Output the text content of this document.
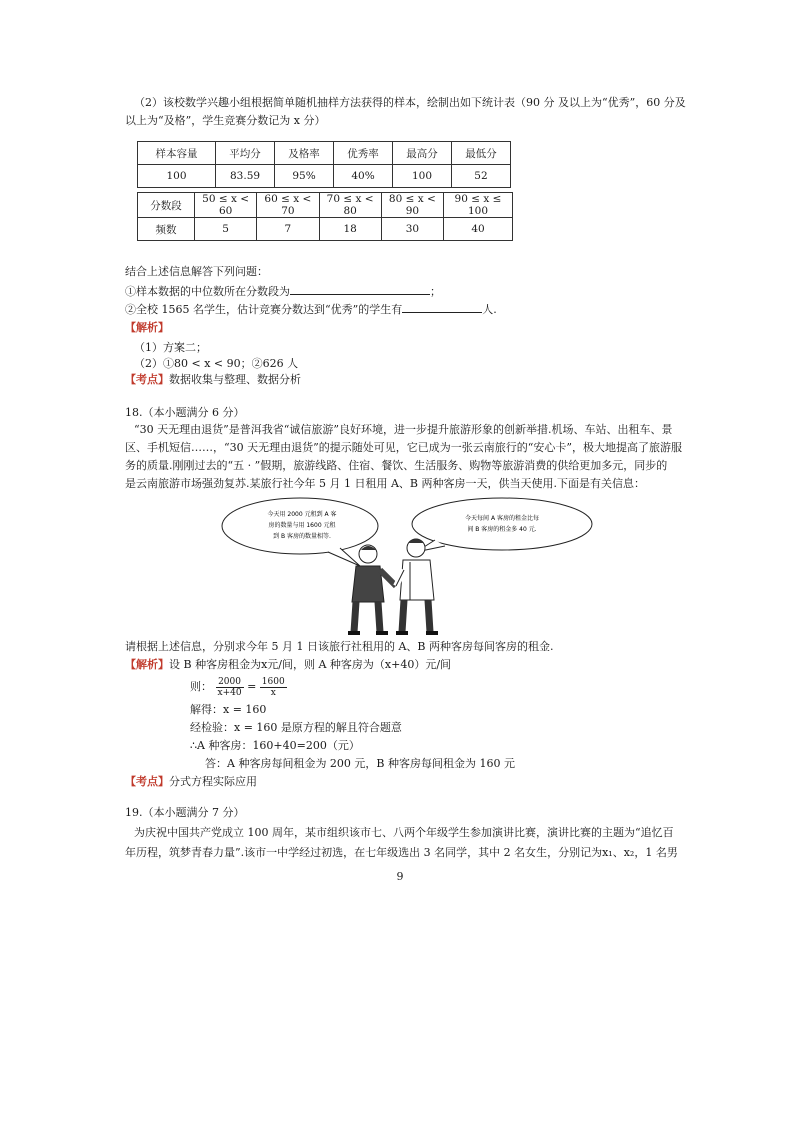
（2）该校数学兴趣小组根据简单随机抽样方法获得的样本，绘制出如下统计表（90 分 及以上为“优秀”，60 分及
以上为“及格”，学生竞赛分数记为 x 分）
样本容量	平均分	及格率	优秀率	最高分	最低分
100	83.59	95%	40%	100	52
分数段	50 ≤ x < 60	60 ≤ x < 70	70 ≤ x < 80	80 ≤ x < 90	90 ≤ x ≤ 100
频数	5	7	18	30	40
结合上述信息解答下列问题：
①样本数据的中位数所在分数段为	；
②全校 1565 名学生，估计竞赛分数达到“优秀”的学生有	人.
【解析】
（1）方案二；
（2）①80 < x < 90；②626 人
【考点】数据收集与整理、数据分析
18.（本小题满分 6 分）
“30 天无理由退货”是普洱我省“诚信旅游”良好环境，进一步提升旅游形象的创新举措.机场、车站、出租车、景
区、手机短信……，“30 天无理由退货”的提示随处可见，它已成为一张云南旅行的“安心卡”，极大地提高了旅游服
务的质量.刚刚过去的“五 · ”假期，旅游线路、住宿、餐饮、生活服务、购物等旅游消费的供给更加多元，同步的
是云南旅游市场强劲复苏.某旅行社今年 5 月 1 日租用 A、B 两种客房一天，供当天使用.下面是有关信息：
今天用 2000 元租到 A 客
房的数量与用 1600 元租
到 B 客房的数量相等.
今天每间 A 客房的租金比每
间 B 客房的租金多 40 元.
请根据上述信息，分别求今年 5 月 1 日该旅行社租用的 A、B 两种客房每间客房的租金.
【解析】设 B 种客房租金为x元/间，则 A 种客房为（x+40）元/间
则： $\frac{2000}{x+40} = \frac{1600}{x}$
解得：x = 160
经检验：x = 160 是原方程的解且符合题意
∴A 种客房：160+40=200（元）
答：A 种客房每间租金为 200 元，B 种客房每间租金为 160 元
【考点】分式方程实际应用
19.（本小题满分 7 分）
为庆祝中国共产党成立 100 周年，某市组织该市七、八两个年级学生参加演讲比赛，演讲比赛的主题为“追忆百
年历程，筑梦青春力量”.该市一中学经过初选，在七年级选出 3 名同学，其中 2 名女生，分别记为x₁、x₂，1 名男
9
